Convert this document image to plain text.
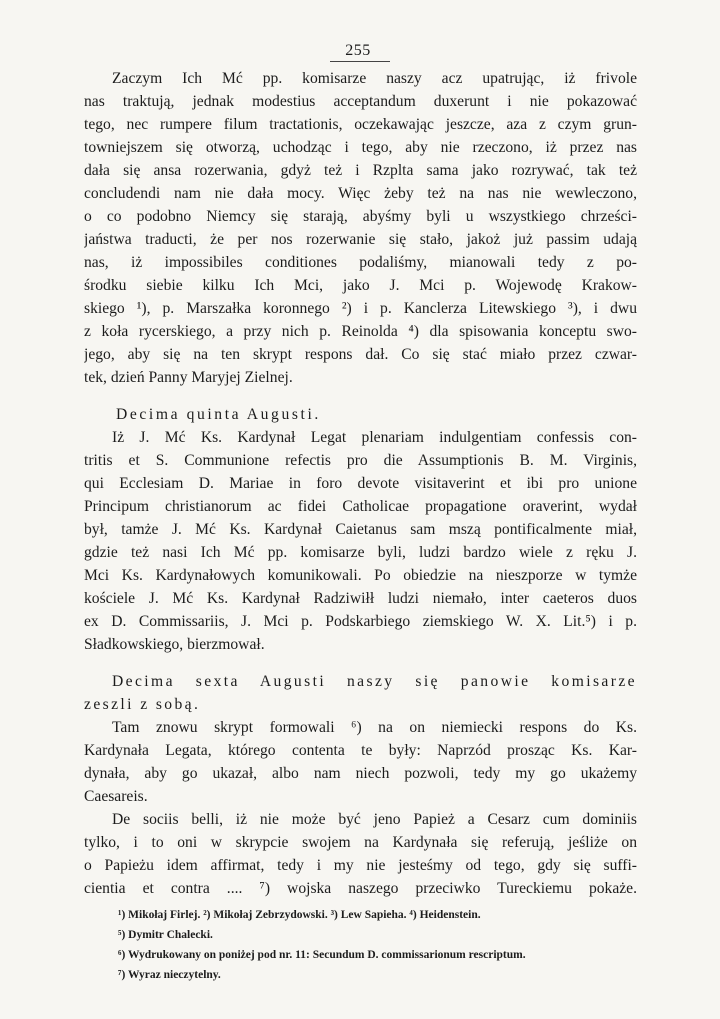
255
Zaczym Ich Mć pp. komisarze naszy acz upatrując, iż frivole
nas traktują, jednak modestius acceptandum duxerunt i nie pokazować
tego, nec rumpere filum tractationis, oczekawając jeszcze, aza z czym grun-
towniejszem się otworzą, uchodząc i tego, aby nie rzeczono, iż przez nas
dała się ansa rozerwania, gdyż też i Rzplta sama jako rozrywać, tak też
concludendi nam nie dała mocy. Więc żeby też na nas nie wewleczono,
o co podobno Niemcy się starają, abyśmy byli u wszystkiego chrześci-
jaństwa traducti, że per nos rozerwanie się stało, jakoż już passim udają
nas, iż impossibiles conditiones podaliśmy, mianowali tedy z po-
środku siebie kilku Ich Mci, jako J. Mci p. Wojewodę Krakow-
skiego ¹), p. Marszałka koronnego ²) i p. Kanclerza Litewskiego ³), i dwu
z koła rycerskiego, a przy nich p. Reinolda ⁴) dla spisowania konceptu swo-
jego, aby się na ten skrypt respons dał. Co się stać miało przez czwar-
tek, dzień Panny Maryjej Zielnej.
Decima quinta Augusti.
Iż J. Mć Ks. Kardynał Legat plenariam indulgentiam confessis con-
tritis et S. Communione refectis pro die Assumptionis B. M. Virginis,
qui Ecclesiam D. Mariae in foro devote visitaverint et ibi pro unione
Principum christianorum ac fidei Catholicae propagatione oraverint, wydał
był, tamże J. Mć Ks. Kardynał Caietanus sam mszą pontificalmente miał,
gdzie też nasi Ich Mć pp. komisarze byli, ludzi bardzo wiele z ręku J.
Mci Ks. Kardynałowych komunikowali. Po obiedzie na nieszporze w tymże
kościele J. Mć Ks. Kardynał Radziwiłł ludzi niemało, inter caeteros duos
ex D. Commissariis, J. Mci p. Podskarbiego ziemskiego W. X. Lit.⁵) i p.
Sładkowskiego, bierzmował.
Decima sexta Augusti naszy się panowie komisarze
zeszli z sobą.
Tam znowu skrypt formowali ⁶) na on niemiecki respons do Ks.
Kardynała Legata, którego contenta te były: Naprzód prosząc Ks. Kar-
dynała, aby go ukazał, albo nam niech pozwoli, tedy my go ukażemy
Caesareis.
De sociis belli, iż nie może być jeno Papież a Cesarz cum dominiis
tylko, i to oni w skrypcie swojem na Kardynała się referują, jeśliże on
o Papieżu idem affirmat, tedy i my nie jesteśmy od tego, gdy się suffi-
cientia et contra .... ⁷) wojska naszego przeciwko Tureckiemu pokaże.
¹) Mikołaj Firlej. ²) Mikołaj Zebrzydowski. ³) Lew Sapieha. ⁴) Heidenstein.
⁵) Dymitr Chalecki.
⁶) Wydrukowany on poniżej pod nr. 11: Secundum D. commissarionum rescriptum.
⁷) Wyraz nieczytelny.
